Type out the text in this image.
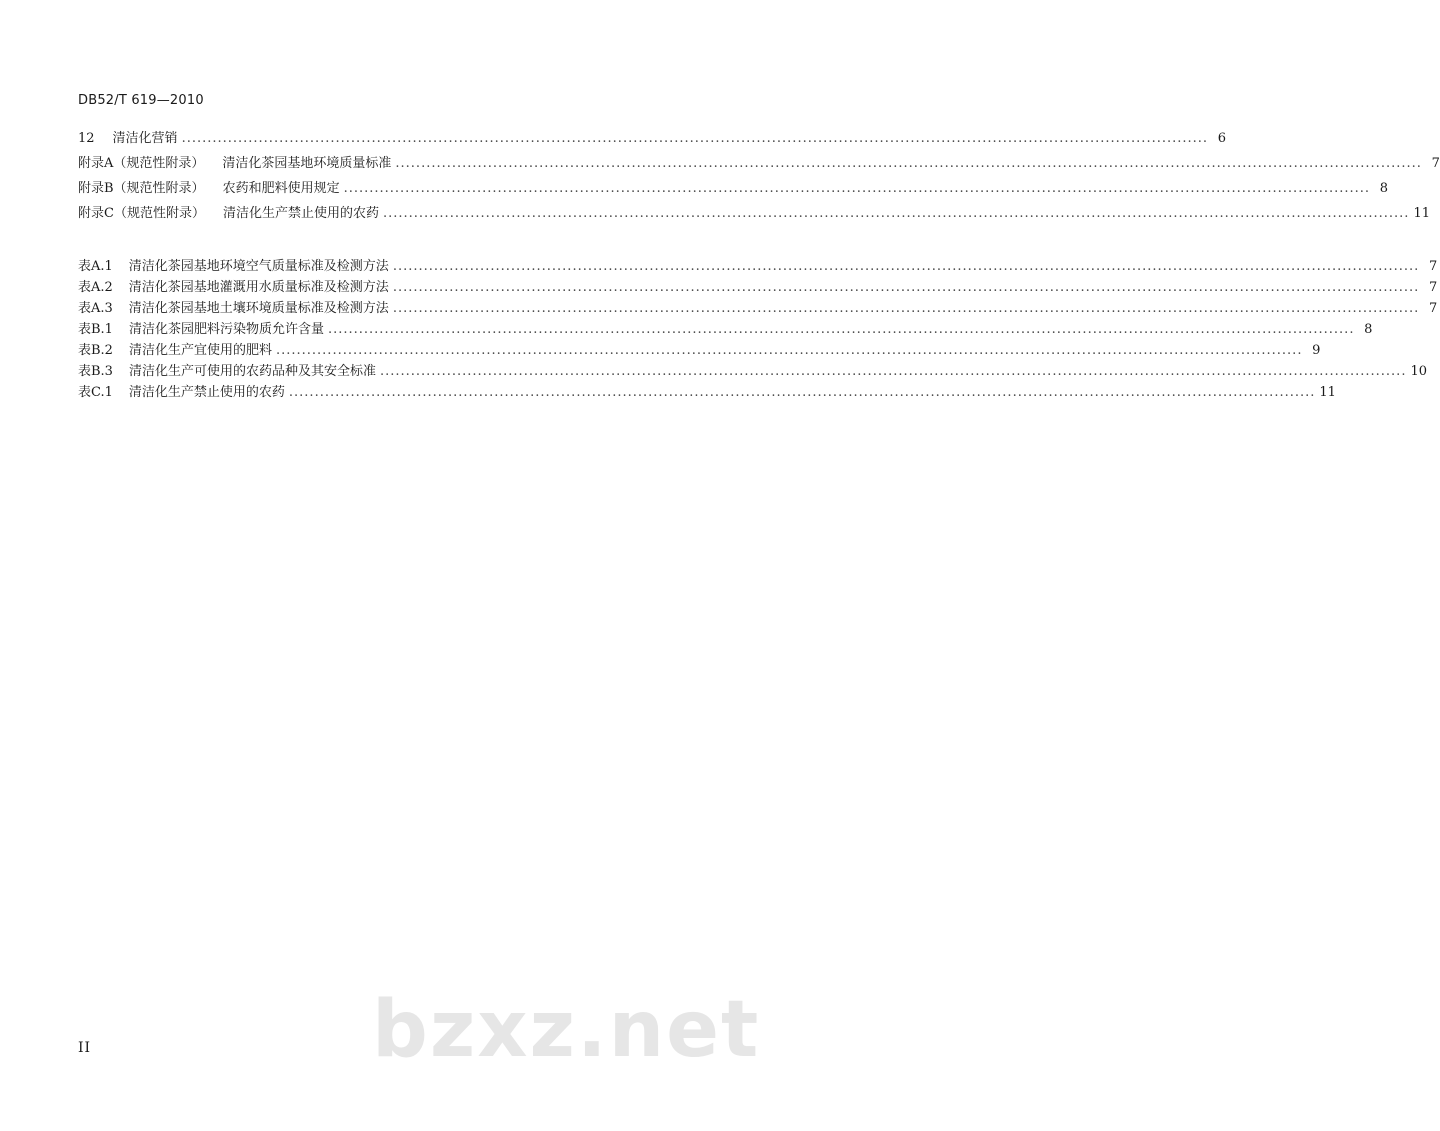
DB52/T 619—2010
12 清洁化营销 ........................................................................................................................................................................................................ 6
附录A（规范性附录） 清洁化茶园基地环境质量标准 ........................................................................................................................................................................................................ 7
附录B（规范性附录） 农药和肥料使用规定 ........................................................................................................................................................................................................ 8
附录C（规范性附录） 清洁化生产禁止使用的农药 ........................................................................................................................................................................................................ 11
表A.1 清洁化茶园基地环境空气质量标准及检测方法 ........................................................................................................................................................................................................ 7
表A.2 清洁化茶园基地灌溉用水质量标准及检测方法 ........................................................................................................................................................................................................ 7
表A.3 清洁化茶园基地土壤环境质量标准及检测方法 ........................................................................................................................................................................................................ 7
表B.1 清洁化茶园肥料污染物质允许含量 ........................................................................................................................................................................................................ 8
表B.2 清洁化生产宜使用的肥料 ........................................................................................................................................................................................................ 9
表B.3 清洁化生产可使用的农药品种及其安全标准 ........................................................................................................................................................................................................ 10
表C.1 清洁化生产禁止使用的农药 ........................................................................................................................................................................................................ 11
II	bzxz.net
